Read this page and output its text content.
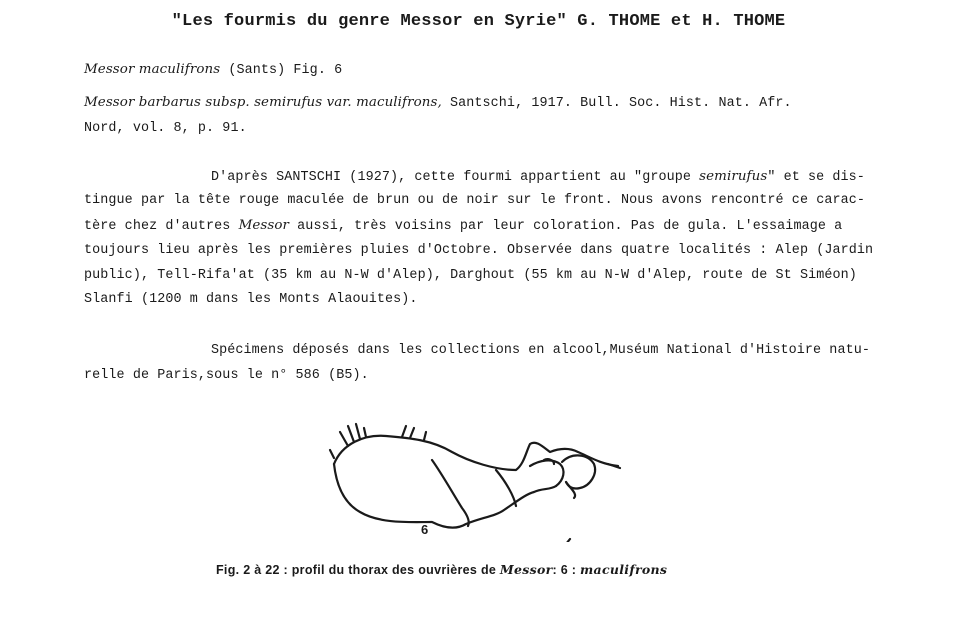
"Les fourmis du genre Messor en Syrie" G. THOME et H. THOME
Messor maculifrons (Sants) Fig. 6
Messor barbarus subsp. semirufus var. maculifrons, Santschi, 1917. Bull. Soc. Hist. Nat. Afr.
Nord, vol. 8, p. 91.
D'après SANTSCHI (1927), cette fourmi appartient au "groupe semirufus" et se dis-
tingue par la tête rouge maculée de brun ou de noir sur le front. Nous avons rencontré ce carac-
tère chez d'autres Messor aussi, très voisins par leur coloration. Pas de gula. L'essaimage a
toujours lieu après les premières pluies d'Octobre. Observée dans quatre localités : Alep (Jardin
public), Tell-Rifa'at (35 km au N-W d'Alep), Darghout (55 km au N-W d'Alep, route de St Siméon)
Slanfi (1200 m dans les Monts Alaouites).
Spécimens déposés dans les collections en alcool,Muséum National d'Histoire natu-
relle de Paris,sous le n° 586 (B5).
6
Fig. 2 à 22 : profil du thorax des ouvrières de Messor: 6 : maculifrons
